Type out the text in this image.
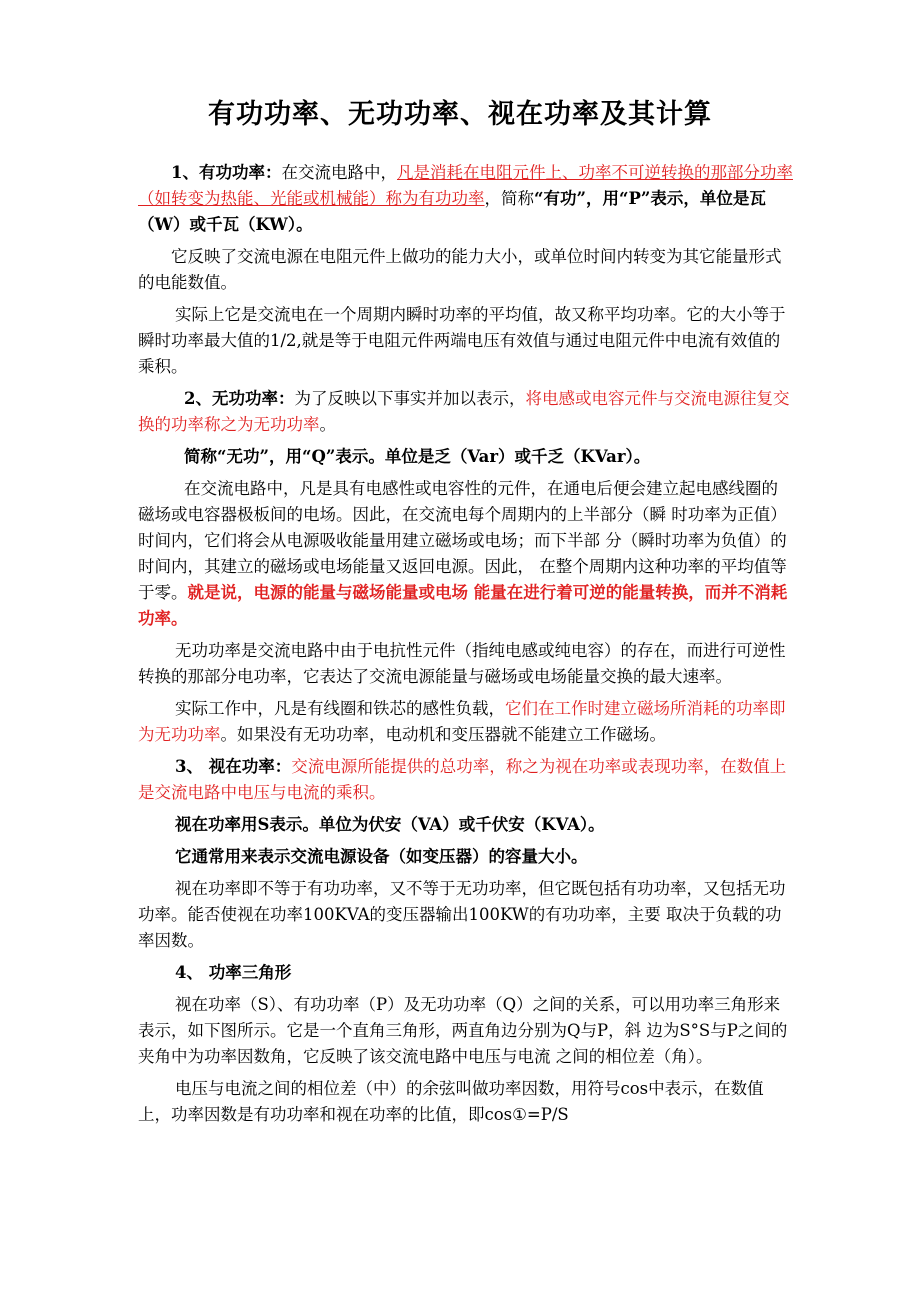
有功功率、无功功率、视在功率及其计算

1、有功功率：在交流电路中，凡是消耗在电阻元件上、功率不可逆转换的那部分功率（如转变为热能、光能或机械能）称为有功功率，简称“有功”，用“P”表示，单位是瓦（W）或千瓦（KW）。

它反映了交流电源在电阻元件上做功的能力大小，或单位时间内转变为其它能量形式的电能数值。

实际上它是交流电在一个周期内瞬时功率的平均值，故又称平均功率。它的大小等于瞬时功率最大值的1/2,就是等于电阻元件两端电压有效值与通过电阻元件中电流有效值的乘积。

2、无功功率：为了反映以下事实并加以表示，将电感或电容元件与交流电源往复交换的功率称之为无功功率。

简称“无功”，用“Q”表示。单位是乏（Var）或千乏（KVar）。

在交流电路中，凡是具有电感性或电容性的元件，在通电后便会建立起电感线圈的磁场或电容器极板间的电场。因此，在交流电每个周期内的上半部分（瞬 时功率为正值）时间内，它们将会从电源吸收能量用建立磁场或电场；而下半部 分（瞬时功率为负值）的时间内，其建立的磁场或电场能量又返回电源。因此， 在整个周期内这种功率的平均值等于零。就是说，电源的能量与磁场能量或电场 能量在进行着可逆的能量转换，而并不消耗功率。

无功功率是交流电路中由于电抗性元件（指纯电感或纯电容）的存在，而进行可逆性转换的那部分电功率，它表达了交流电源能量与磁场或电场能量交换的最大速率。

实际工作中，凡是有线圈和铁芯的感性负载，它们在工作时建立磁场所消耗的功率即为无功功率。如果没有无功功率，电动机和变压器就不能建立工作磁场。

3、 视在功率：交流电源所能提供的总功率，称之为视在功率或表现功率，在数值上是交流电路中电压与电流的乘积。

视在功率用S表示。单位为伏安（VA）或千伏安（KVA）。

它通常用来表示交流电源设备（如变压器）的容量大小。

视在功率即不等于有功功率，又不等于无功功率，但它既包括有功功率，又包括无功功率。能否使视在功率100KVA的变压器输出100KW的有功功率，主要 取决于负载的功率因数。

4、 功率三角形

视在功率（S）、有功功率（P）及无功功率（Q）之间的关系，可以用功率三角形来表示，如下图所示。它是一个直角三角形，两直角边分别为Q与P，斜 边为S°S与P之间的夹角中为功率因数角，它反映了该交流电路中电压与电流 之间的相位差（角）。

电压与电流之间的相位差（中）的余弦叫做功率因数，用符号cos中表示，在数值上，功率因数是有功功率和视在功率的比值，即cos①=P/S
